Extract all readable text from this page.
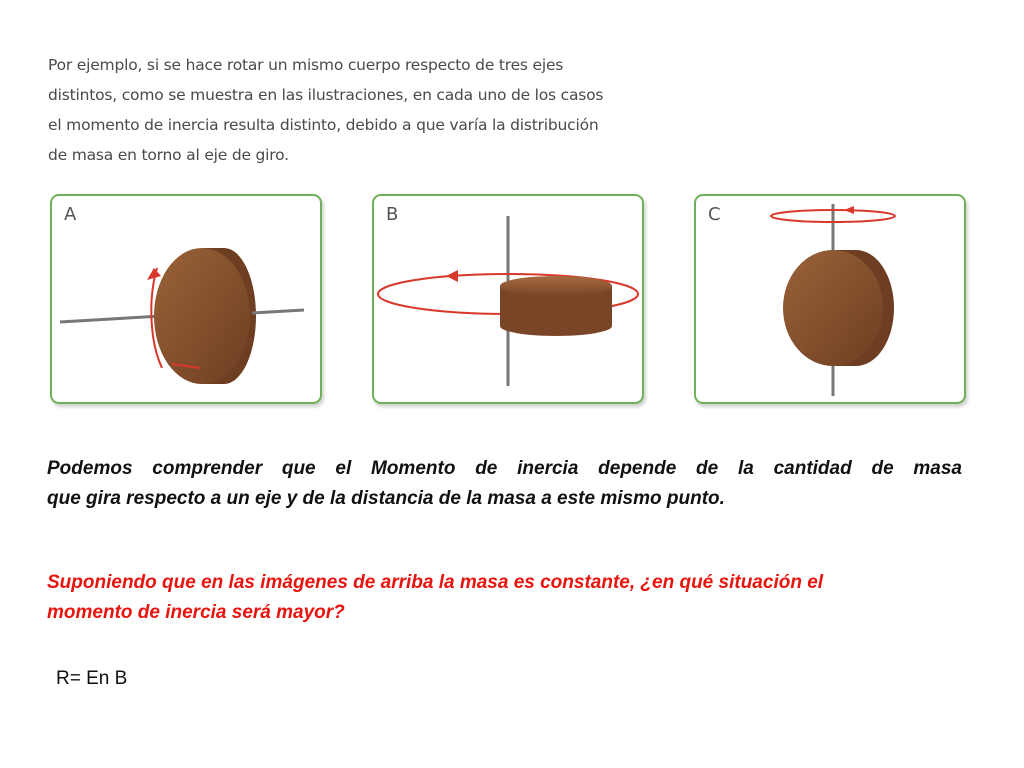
Por ejemplo, si se hace rotar un mismo cuerpo respecto de tres ejes
distintos, como se muestra en las ilustraciones, en cada uno de los casos
el momento de inercia resulta distinto, debido a que varía la distribución
de masa en torno al eje de giro.
A	B	C
Podemos comprender que el Momento de inercia depende de la cantidad de masa
que gira respecto a un eje y de la distancia de la masa a este mismo punto.
Suponiendo que en las imágenes de arriba la masa es constante, ¿en qué situación el
momento de inercia será mayor?
R= En B
